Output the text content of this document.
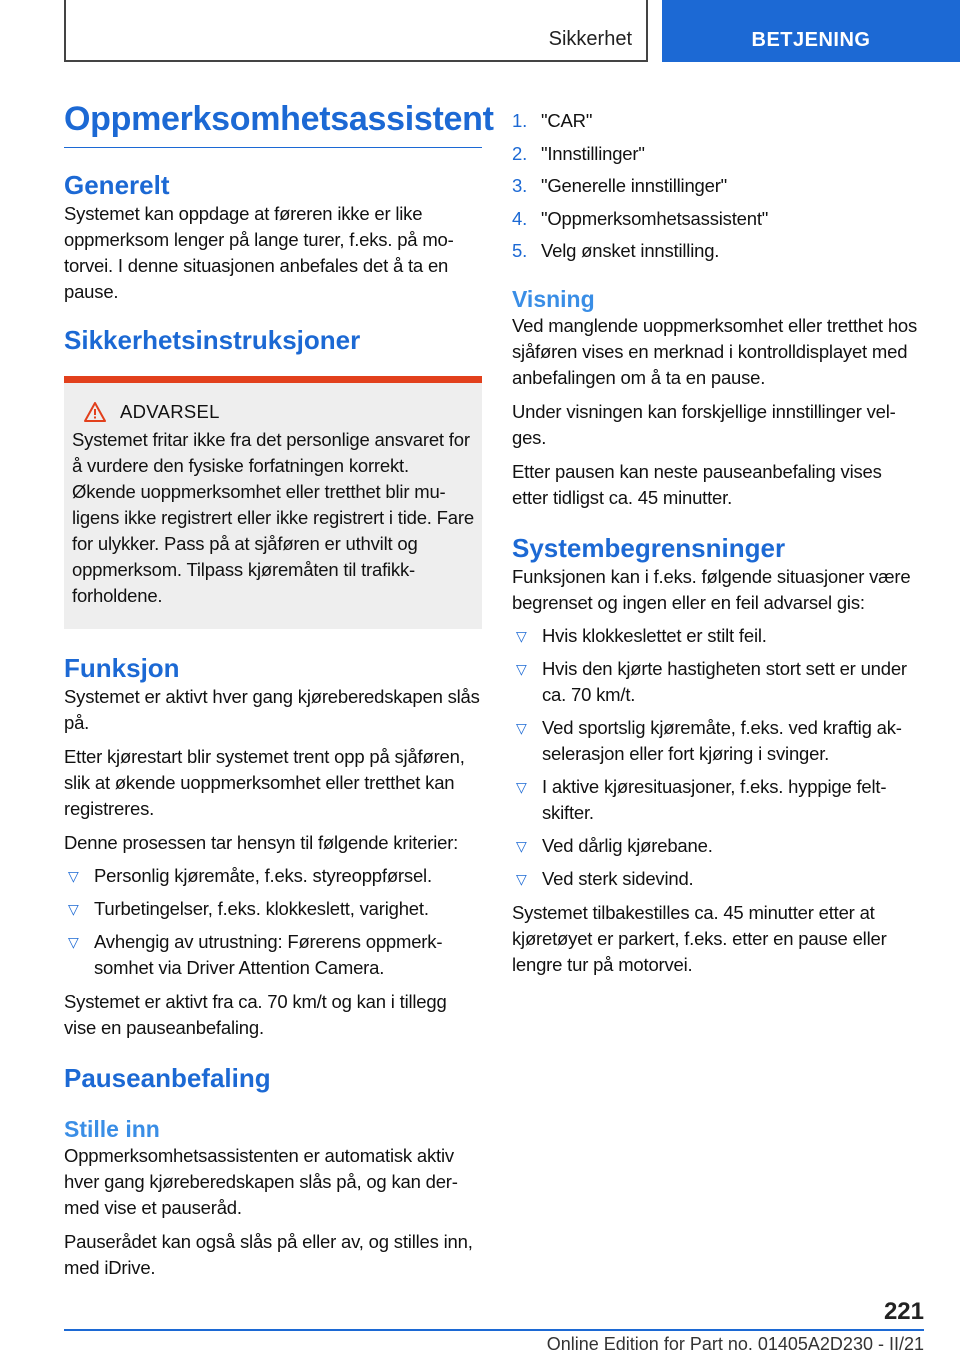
Sikkerhet	BETJENING
Oppmerksomhetsassistent
Generelt

Systemet kan oppdage at føreren ikke er like oppmerksom lenger på lange turer, f.eks. på motorvei. I denne situasjonen anbefales det å ta en pause.

Sikkerhetsinstruksjoner
ADVARSEL

Systemet fritar ikke fra det personlige ansvaret for å vurdere den fysiske forfatningen korrekt. Økende uoppmerksomhet eller tretthet blir muligens ikke registrert eller ikke registrert i tide. Fare for ulykker. Pass på at sjåføren er uthvilt og oppmerksom. Tilpass kjøremåten til trafikkforholdene.

Funksjon

Systemet er aktivt hver gang kjøreberedskapen slås på.

Etter kjørestart blir systemet trent opp på sjåføren, slik at økende uoppmerksomhet eller tretthet kan registreres.

Denne prosessen tar hensyn til følgende kriterier:

▽ Personlig kjøremåte, f.eks. styreoppførsel.
▽ Turbetingelser, f.eks. klokkeslett, varighet.
▽ Avhengig av utrustning: Førerens oppmerksomhet via Driver Attention Camera.

Systemet er aktivt fra ca. 70 km/t og kan i tillegg vise en pauseanbefaling.

Pauseanbefaling
Stille inn

Oppmerksomhetsassistenten er automatisk aktiv hver gang kjøreberedskapen slås på, og kan dermed vise et pauseråd.

Pauserådet kan også slås på eller av, og stilles inn, med iDrive.

1. "CAR"
2. "Innstillinger"
3. "Generelle innstillinger"
4. "Oppmerksomhetsassistent"
5. Velg ønsket innstilling.
Visning

Ved manglende uoppmerksomhet eller tretthet hos sjåføren vises en merknad i kontrolldisplayet med anbefalingen om å ta en pause.

Under visningen kan forskjellige innstillinger velges.

Etter pausen kan neste pauseanbefaling vises etter tidligst ca. 45 minutter.

Systembegrensninger

Funksjonen kan i f.eks. følgende situasjoner være begrenset og ingen eller en feil advarsel gis:

▽ Hvis klokkeslettet er stilt feil.
▽ Hvis den kjørte hastigheten stort sett er under ca. 70 km/t.
▽ Ved sportslig kjøremåte, f.eks. ved kraftig akselerasjon eller fort kjøring i svinger.
▽ I aktive kjøresituasjoner, f.eks. hyppige feltskifter.
▽ Ved dårlig kjørebane.
▽ Ved sterk sidevind.

Systemet tilbakestilles ca. 45 minutter etter at kjøretøyet er parkert, f.eks. etter en pause eller lengre tur på motorvei.

221
Online Edition for Part no. 01405A2D230 - II/21
